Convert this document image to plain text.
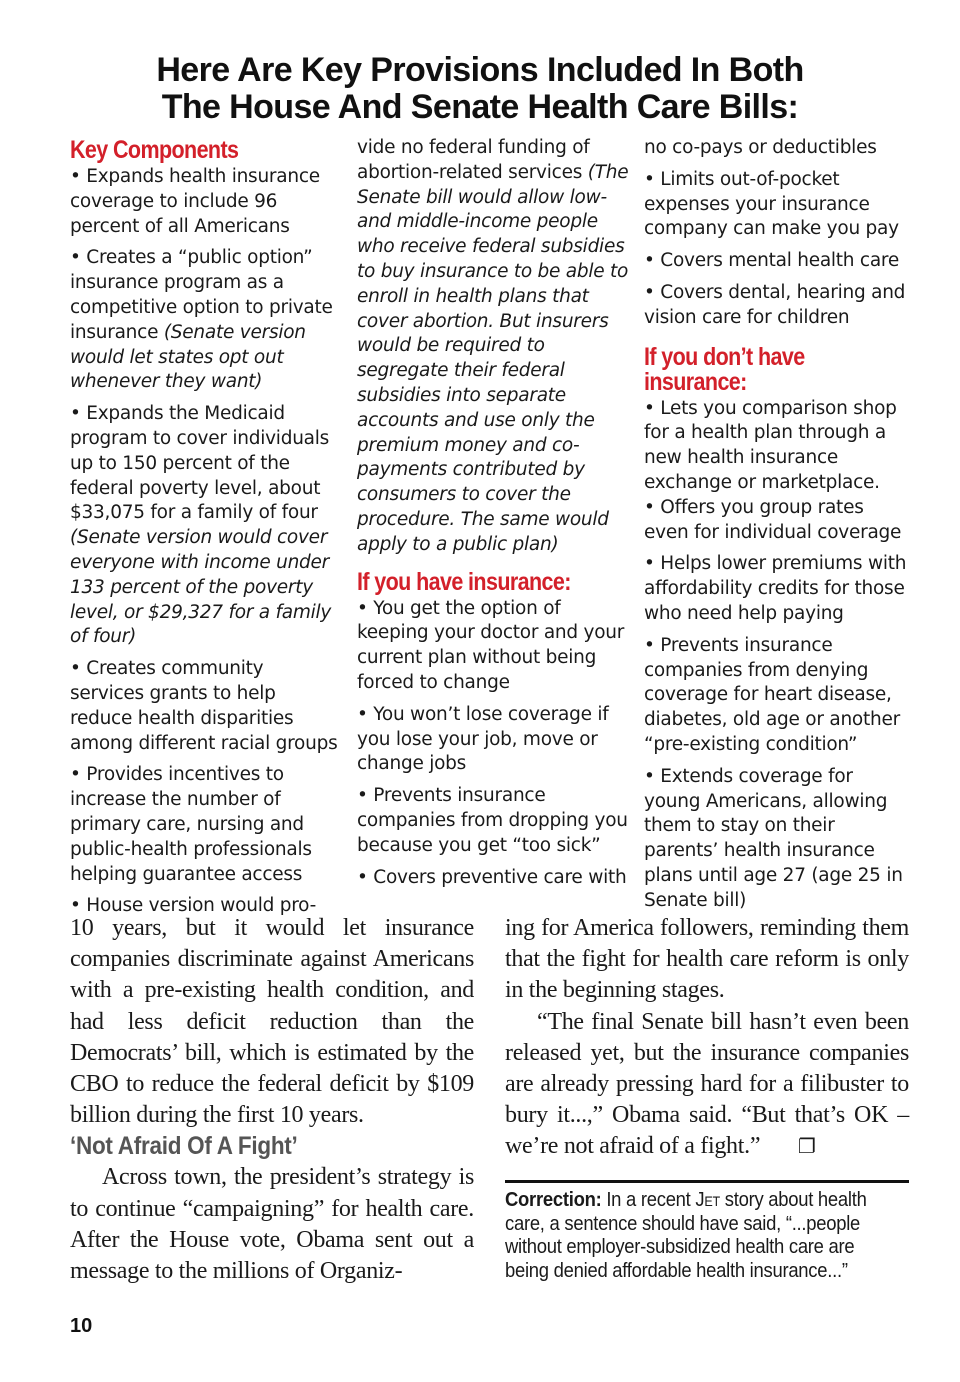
Here Are Key Provisions Included In Both
The House And Senate Health Care Bills:
Key Components
• Expands health insurance coverage to include 96 percent of all Americans
• Creates a “public option” insurance program as a competitive option to private insurance (Senate version would let states opt out whenever they want)
• Expands the Medicaid program to cover individuals up to 150 percent of the federal poverty level, about $33,075 for a family of four (Senate version would cover everyone with income under 133 percent of the poverty level, or $29,327 for a family of four)
• Creates community services grants to help reduce health disparities among different racial groups
• Provides incentives to increase the number of primary care, nursing and public-health professionals helping guarantee access
• House version would pro-
vide no federal funding of abortion-related services (The Senate bill would allow low- and middle-income people who receive federal subsidies to buy insurance to be able to enroll in health plans that cover abortion. But insurers would be required to segregate their federal subsidies into separate accounts and use only the premium money and co-payments contributed by consumers to cover the procedure. The same would apply to a public plan)
If you have insurance:
• You get the option of keeping your doctor and your current plan without being forced to change
• You won’t lose coverage if you lose your job, move or change jobs
• Prevents insurance companies from dropping you because you get “too sick”
• Covers preventive care with
no co-pays or deductibles
• Limits out-of-pocket expenses your insurance company can make you pay
• Covers mental health care
• Covers dental, hearing and vision care for children
If you don’t have insurance:
• Lets you comparison shop for a health plan through a new health insurance exchange or marketplace.
• Offers you group rates even for individual coverage
• Helps lower premiums with affordability credits for those who need help paying
• Prevents insurance companies from denying coverage for heart disease, diabetes, old age or another “pre-existing condition”
• Extends coverage for young Americans, allowing them to stay on their parents’ health insurance plans until age 27 (age 25 in Senate bill)

10 years, but it would let insurance companies discriminate against Americans with a pre-existing health condition, and had less deficit reduction than the Democrats’ bill, which is estimated by the CBO to reduce the federal deficit by $109 billion during the first 10 years.

‘Not Afraid Of A Fight’

Across town, the president’s strategy is to continue “campaigning” for health care. After the House vote, Obama sent out a message to the millions of Organiz-

ing for America followers, reminding them that the fight for health care reform is only in the beginning stages.

“The final Senate bill hasn’t even been released yet, but the insurance companies are already pressing hard for a filibuster to bury it...,” Obama said. “But that’s OK –we’re not afraid of a fight.” ❐

Correction: In a recent Jet story about health care, a sentence should have said, “...people without employer-subsidized health care are being denied affordable health insurance...”
10
